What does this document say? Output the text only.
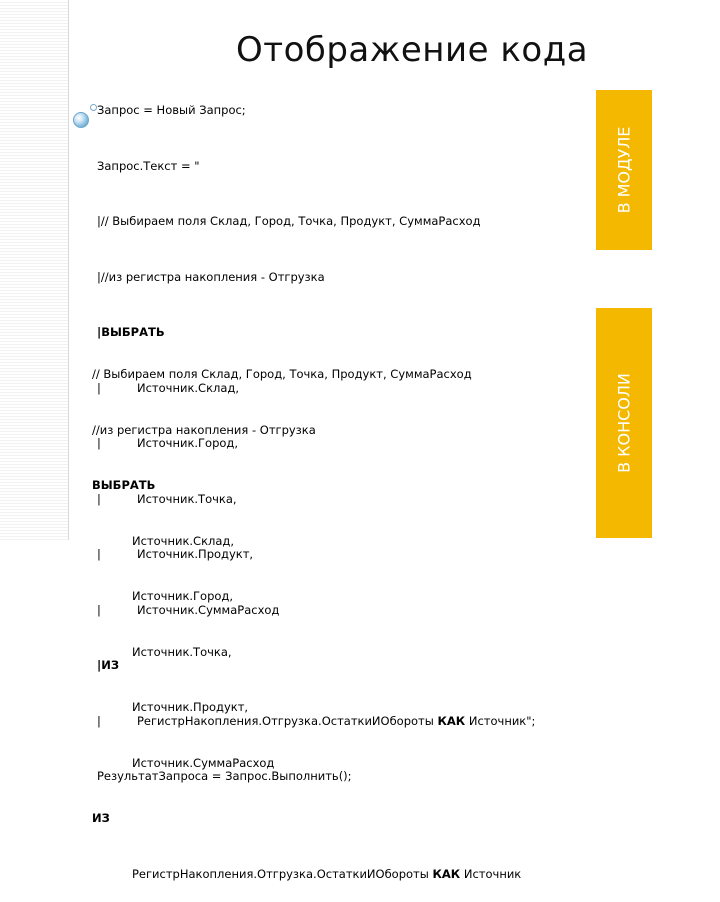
Отображение кода
В МОДУЛЕ
В КОНСОЛИ

Запрос = Новый Запрос;

Запрос.Текст = "

|// Выбираем поля Склад, Город, Точка, Продукт, СуммаРасход

|//из регистра накопления - Отгрузка

|ВЫБРАТЬ

|	Источник.Склад,

|	Источник.Город,

|	Источник.Точка,

|	Источник.Продукт,

|	Источник.СуммаРасход

|ИЗ

|	РегистрНакопления.Отгрузка.ОстаткиИОбороты КАК Источник";

РезультатЗапроса = Запрос.Выполнить();

// Выбираем поля Склад, Город, Точка, Продукт, СуммаРасход

//из регистра накопления - Отгрузка

ВЫБРАТЬ

Источник.Склад,

Источник.Город,

Источник.Точка,

Источник.Продукт,

Источник.СуммаРасход

ИЗ

РегистрНакопления.Отгрузка.ОстаткиИОбороты КАК Источник
